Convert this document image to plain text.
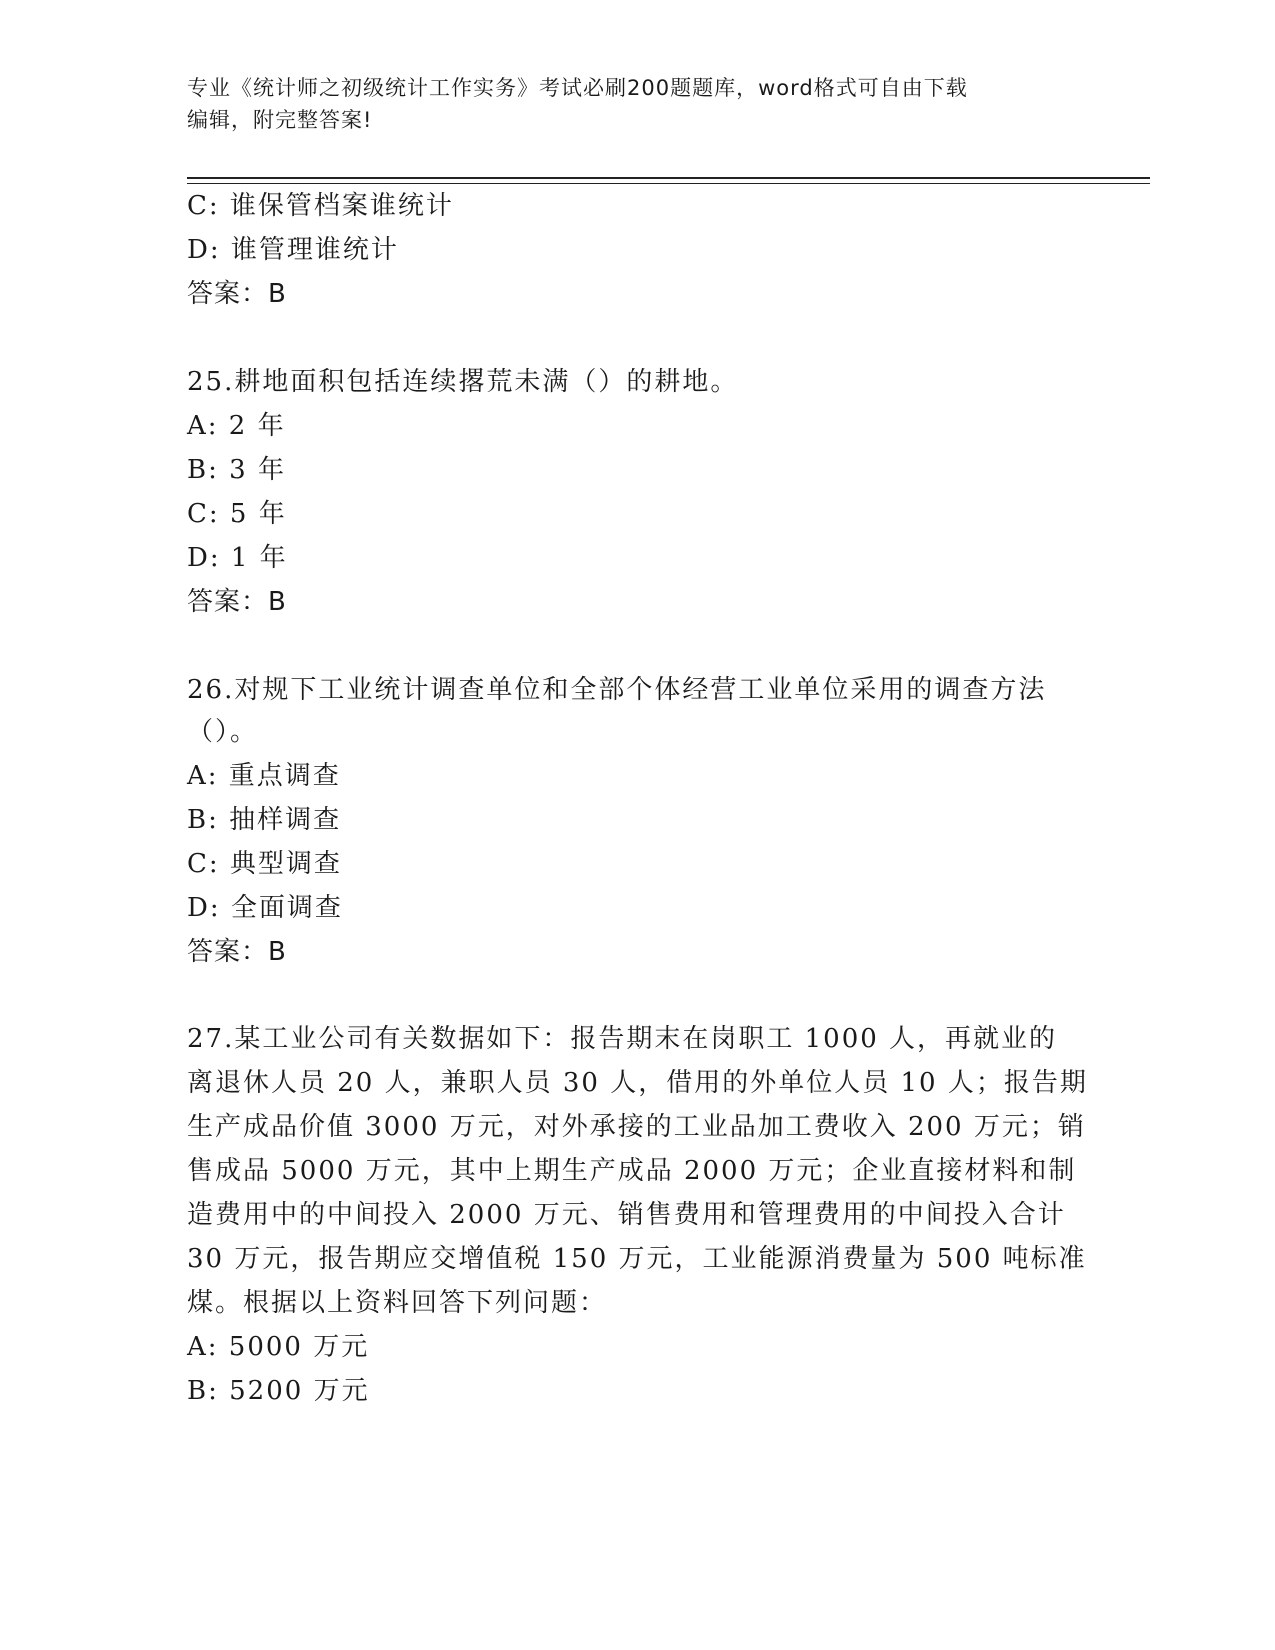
专业《统计师之初级统计工作实务》考试必刷200题题库，word格式可自由下载
编辑，附完整答案!
C: 谁保管档案谁统计
D: 谁管理谁统计
答案：B
25.耕地面积包括连续撂荒未满（）的耕地。
A: 2 年
B: 3 年
C: 5 年
D: 1 年
答案：B
26.对规下工业统计调查单位和全部个体经营工业单位采用的调查方法
（）。
A: 重点调查
B: 抽样调查
C: 典型调查
D: 全面调查
答案：B
27.某工业公司有关数据如下：报告期末在岗职工 1000 人，再就业的
离退休人员 20 人，兼职人员 30 人，借用的外单位人员 10 人；报告期
生产成品价值 3000 万元，对外承接的工业品加工费收入 200 万元；销
售成品 5000 万元，其中上期生产成品 2000 万元；企业直接材料和制
造费用中的中间投入 2000 万元、销售费用和管理费用的中间投入合计
30 万元，报告期应交增值税 150 万元，工业能源消费量为 500 吨标准
煤。根据以上资料回答下列问题：
A: 5000 万元
B: 5200 万元
